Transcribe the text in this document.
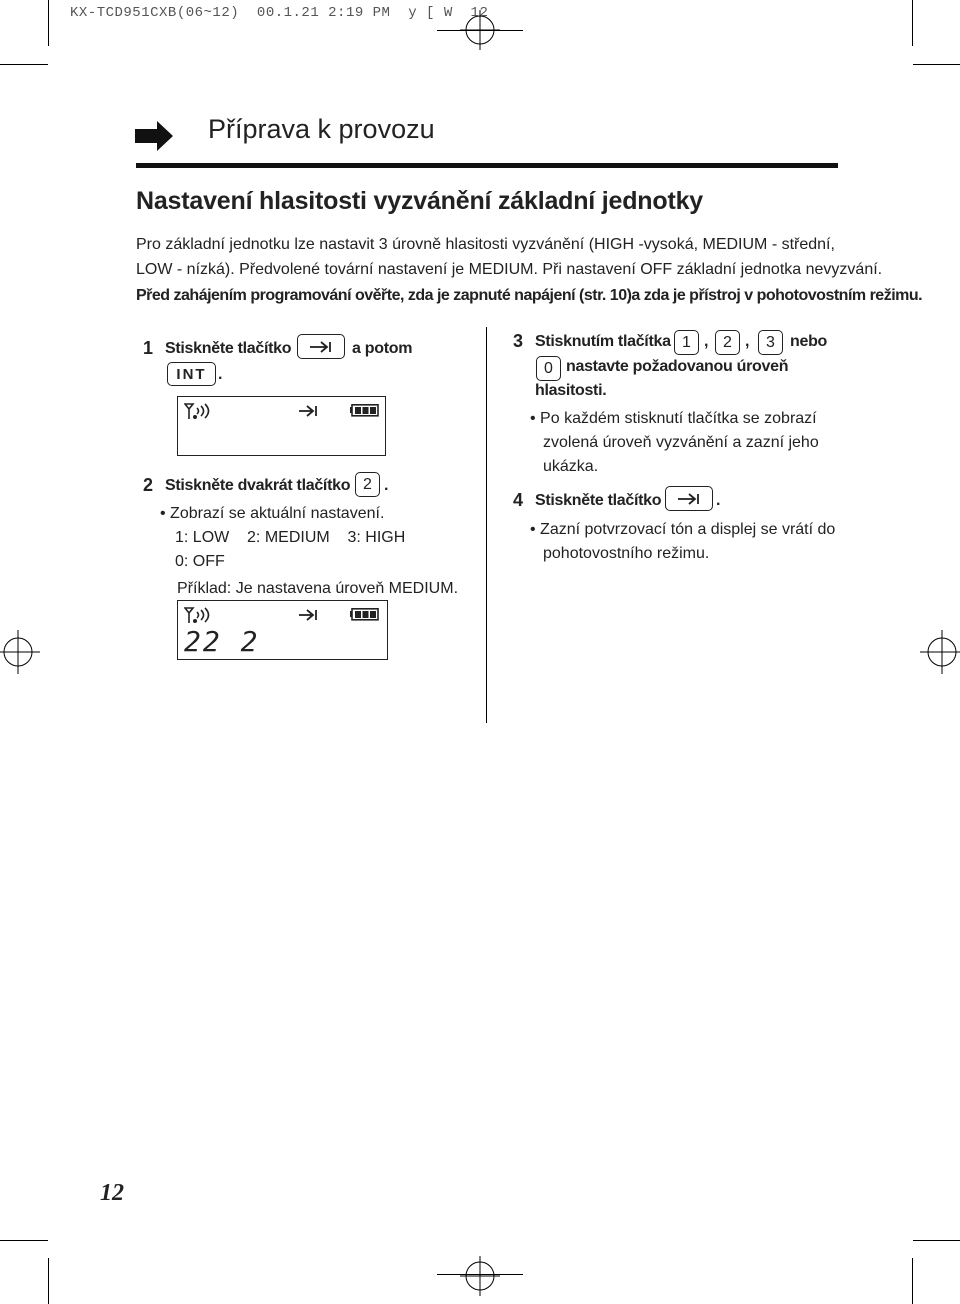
KX-TCD951CXB(06~12)  00.1.21 2:19 PM  y [ W  12
Příprava k provozu
Nastavení hlasitosti vyzvánění základní jednotky
Pro základní jednotku lze nastavit 3 úrovně hlasitosti vyzvánění (HIGH -vysoká, MEDIUM - střední,
LOW - nízká). Předvolené tovární nastavení je MEDIUM. Při nastavení OFF základní jednotka nevyzvání.
Před zahájením programování ověřte, zda je zapnuté napájení (str. 10)a zda je přístroj v pohotovostním režimu.
1 Stiskněte tlačítko	a potom
INT .
2 Stiskněte dvakrát tlačítko 2 .
• Zobrazí se aktuální nastavení.
1: LOW 2: MEDIUM 3: HIGH
0: OFF
Příklad: Je nastavena úroveň MEDIUM.
22 2
3 Stisknutím tlačítka 1 , 2 ,	3 nebo
0 nastavte požadovanou úroveň
hlasitosti.
• Po každém stisknutí tlačítka se zobrazí
zvolená úroveň vyzvánění a zazní jeho
ukázka.
4 Stiskněte tlačítko	.
• Zazní potvrzovací tón a displej se vrátí do
pohotovostního režimu.
12
